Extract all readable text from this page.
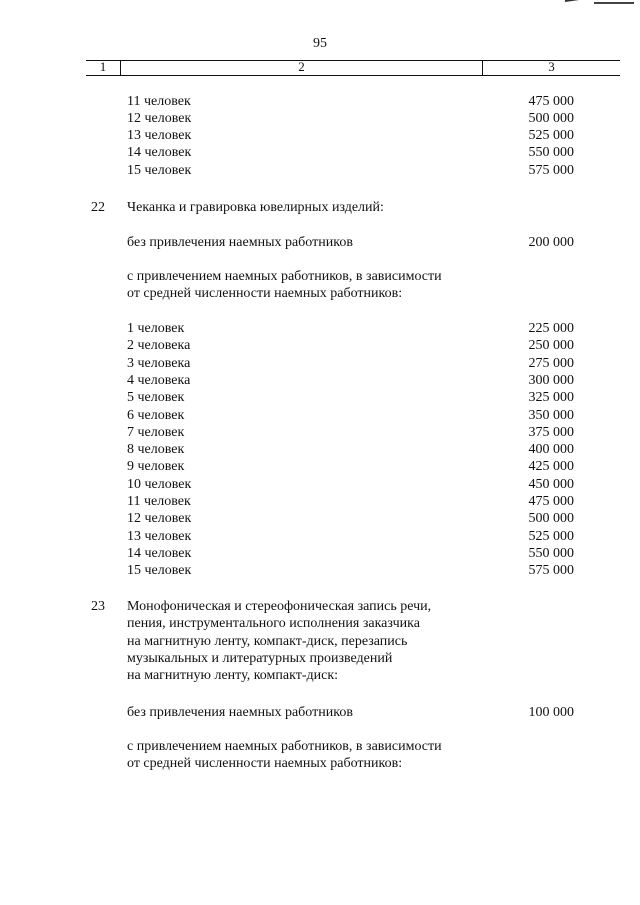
95
1	2	3
11 человек	475 000
12 человек	500 000
13 человек	525 000
14 человек	550 000
15 человек	575 000
22 Чеканка и гравировка ювелирных изделий:
без привлечения наемных работников	200 000
с привлечением наемных работников, в зависимости
от средней численности наемных работников:
1 человек	225 000
2 человека	250 000
3 человека	275 000
4 человека	300 000
5 человек	325 000
6 человек	350 000
7 человек	375 000
8 человек	400 000
9 человек	425 000
10 человек	450 000
11 человек	475 000
12 человек	500 000
13 человек	525 000
14 человек	550 000
15 человек	575 000
23 Монофоническая и стереофоническая запись речи,
пения, инструментального исполнения заказчика
на магнитную ленту, компакт-диск, перезапись
музыкальных и литературных произведений
на магнитную ленту, компакт-диск:
без привлечения наемных работников	100 000
с привлечением наемных работников, в зависимости
от средней численности наемных работников:
